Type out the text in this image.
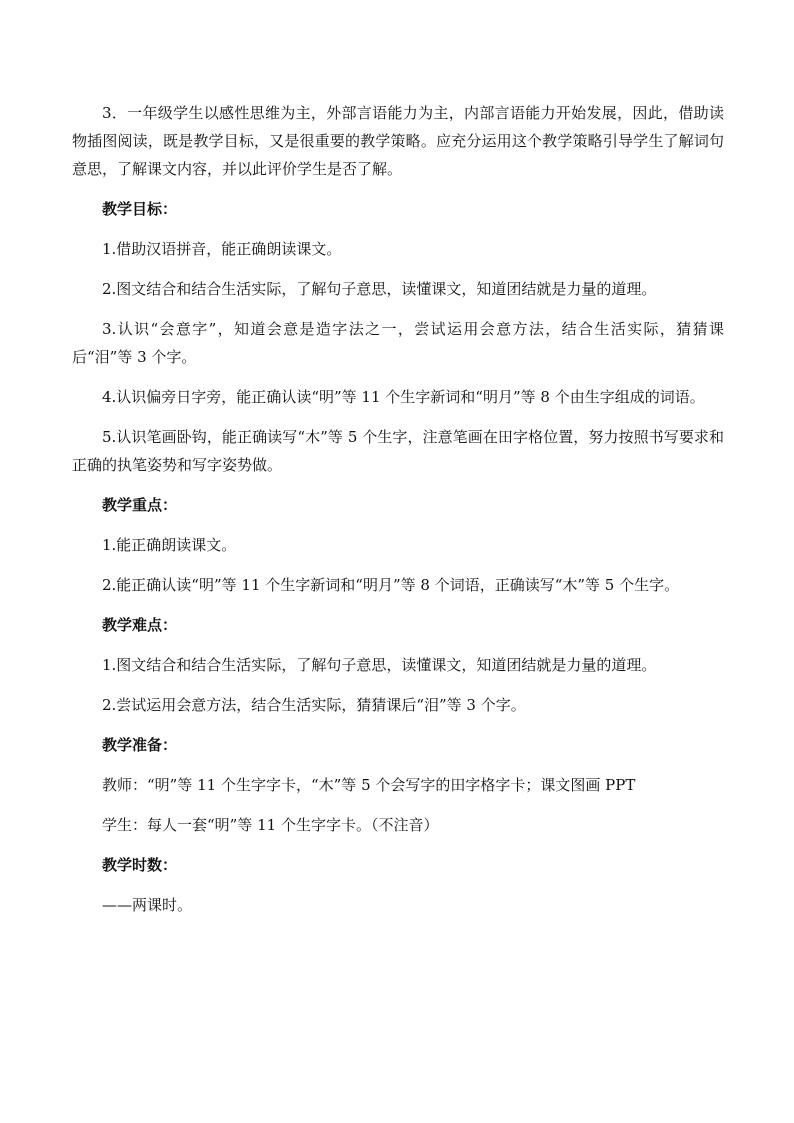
3．一年级学生以感性思维为主，外部言语能力为主，内部言语能力开始发展，因此，借助读物插图阅读，既是教学目标，又是很重要的教学策略。应充分运用这个教学策略引导学生了解词句意思，了解课文内容，并以此评价学生是否了解。

教学目标：

1.借助汉语拼音，能正确朗读课文。

2.图文结合和结合生活实际，了解句子意思，读懂课文，知道团结就是力量的道理。

3.认识“会意字”，知道会意是造字法之一，尝试运用会意方法，结合生活实际，猜猜课后“泪”等 3 个字。

4.认识偏旁日字旁，能正确认读“明”等 11 个生字新词和“明月”等 8 个由生字组成的词语。

5.认识笔画卧钩，能正确读写“木”等 5 个生字，注意笔画在田字格位置，努力按照书写要求和正确的执笔姿势和写字姿势做。

教学重点：

1.能正确朗读课文。

2.能正确认读“明”等 11 个生字新词和“明月”等 8 个词语，正确读写“木”等 5 个生字。

教学难点：

1.图文结合和结合生活实际，了解句子意思，读懂课文，知道团结就是力量的道理。

2.尝试运用会意方法，结合生活实际，猜猜课后“泪”等 3 个字。

教学准备：

教师：“明”等 11 个生字字卡，“木”等 5 个会写字的田字格字卡；课文图画 PPT

学生：每人一套“明”等 11 个生字字卡。（不注音）

教学时数：

——两课时。
